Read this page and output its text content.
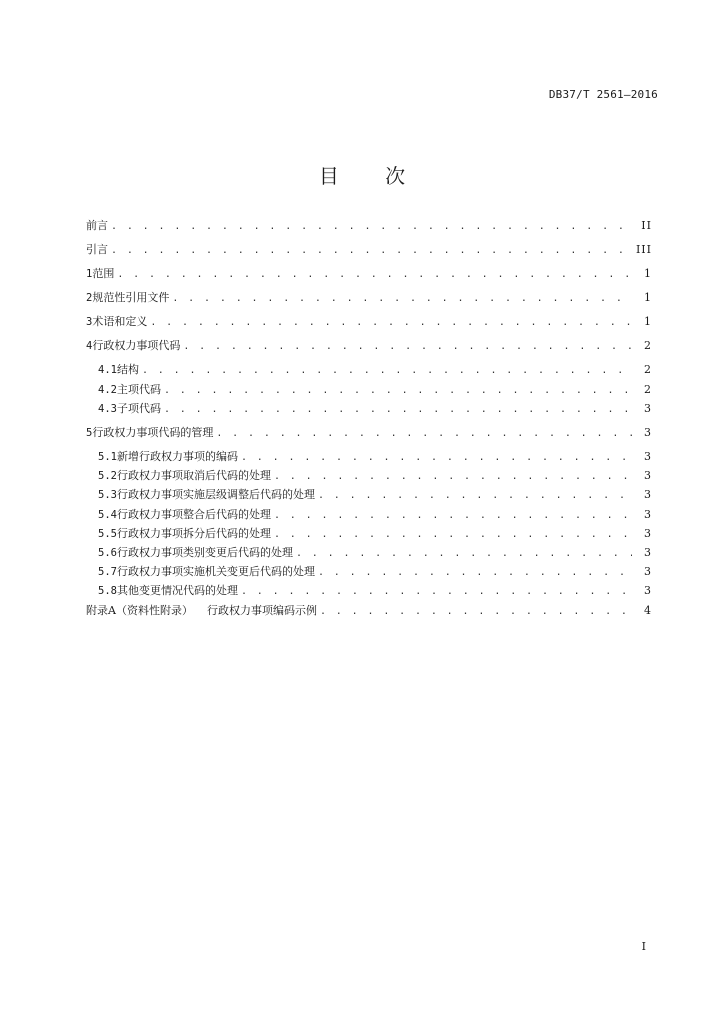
DB37/T 2561—2016
目 次
前言 . . .	II
引言 . . .	III
1 范围 . . .	1
2 规范性引用文件 . . .	1
3 术语和定义 . . .	1
4 行政权力事项代码 . . .	2
4.1 结构 . . .	2
4.2 主项代码 . . .	2
4.3 子项代码 . . .	3
5 行政权力事项代码的管理 . . .	3
5.1 新增行政权力事项的编码 . . .	3
5.2 行政权力事项取消后代码的处理 . . .	3
5.3 行政权力事项实施层级调整后代码的处理 . . .	3
5.4 行政权力事项整合后代码的处理 . . .	3
5.5 行政权力事项拆分后代码的处理 . . .	3
5.6 行政权力事项类别变更后代码的处理 . . .	3
5.7 行政权力事项实施机关变更后代码的处理 . . .	3
5.8 其他变更情况代码的处理 . . .	3
附录A（资料性附录） 行政权力事项编码示例 . . .	4
I
